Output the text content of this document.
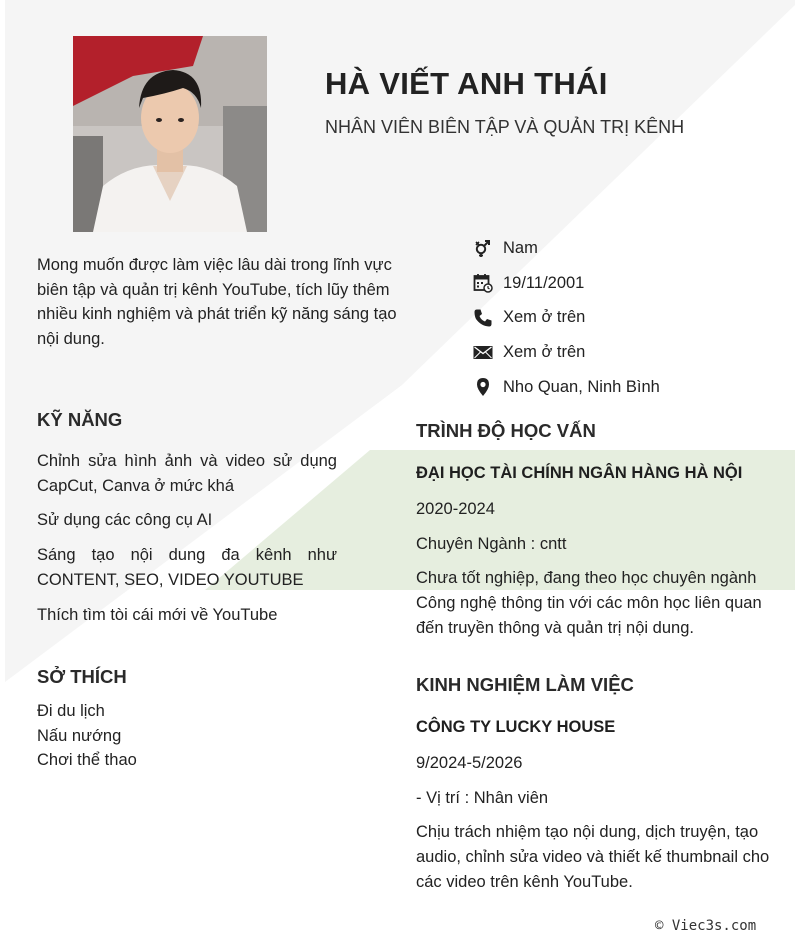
HÀ VIẾT ANH THÁI
NHÂN VIÊN BIÊN TẬP VÀ QUẢN TRỊ KÊNH
Mong muốn được làm việc lâu dài trong lĩnh vực biên tập và quản trị kênh YouTube, tích lũy thêm nhiều kinh nghiệm và phát triển kỹ năng sáng tạo nội dung.
Nam
19/11/2001
Xem ở trên
Xem ở trên
Nho Quan, Ninh Bình
KỸ NĂNG
Chỉnh sửa hình ảnh và video sử dụng CapCut, Canva ở mức khá
Sử dụng các công cụ AI
Sáng tạo nội dung đa kênh như CONTENT, SEO, VIDEO YOUTUBE
Thích tìm tòi cái mới về YouTube
SỞ THÍCH
Đi du lịch
Nấu nướng
Chơi thể thao
TRÌNH ĐỘ HỌC VẤN
ĐẠI HỌC TÀI CHÍNH NGÂN HÀNG HÀ NỘI
2020-2024
Chuyên Ngành : cntt
Chưa tốt nghiệp, đang theo học chuyên ngành Công nghệ thông tin với các môn học liên quan đến truyền thông và quản trị nội dung.
KINH NGHIỆM LÀM VIỆC
CÔNG TY LUCKY HOUSE
9/2024-5/2026
- Vị trí : Nhân viên
Chịu trách nhiệm tạo nội dung, dịch truyện, tạo audio, chỉnh sửa video và thiết kế thumbnail cho các video trên kênh YouTube.
© Viec3s.com
